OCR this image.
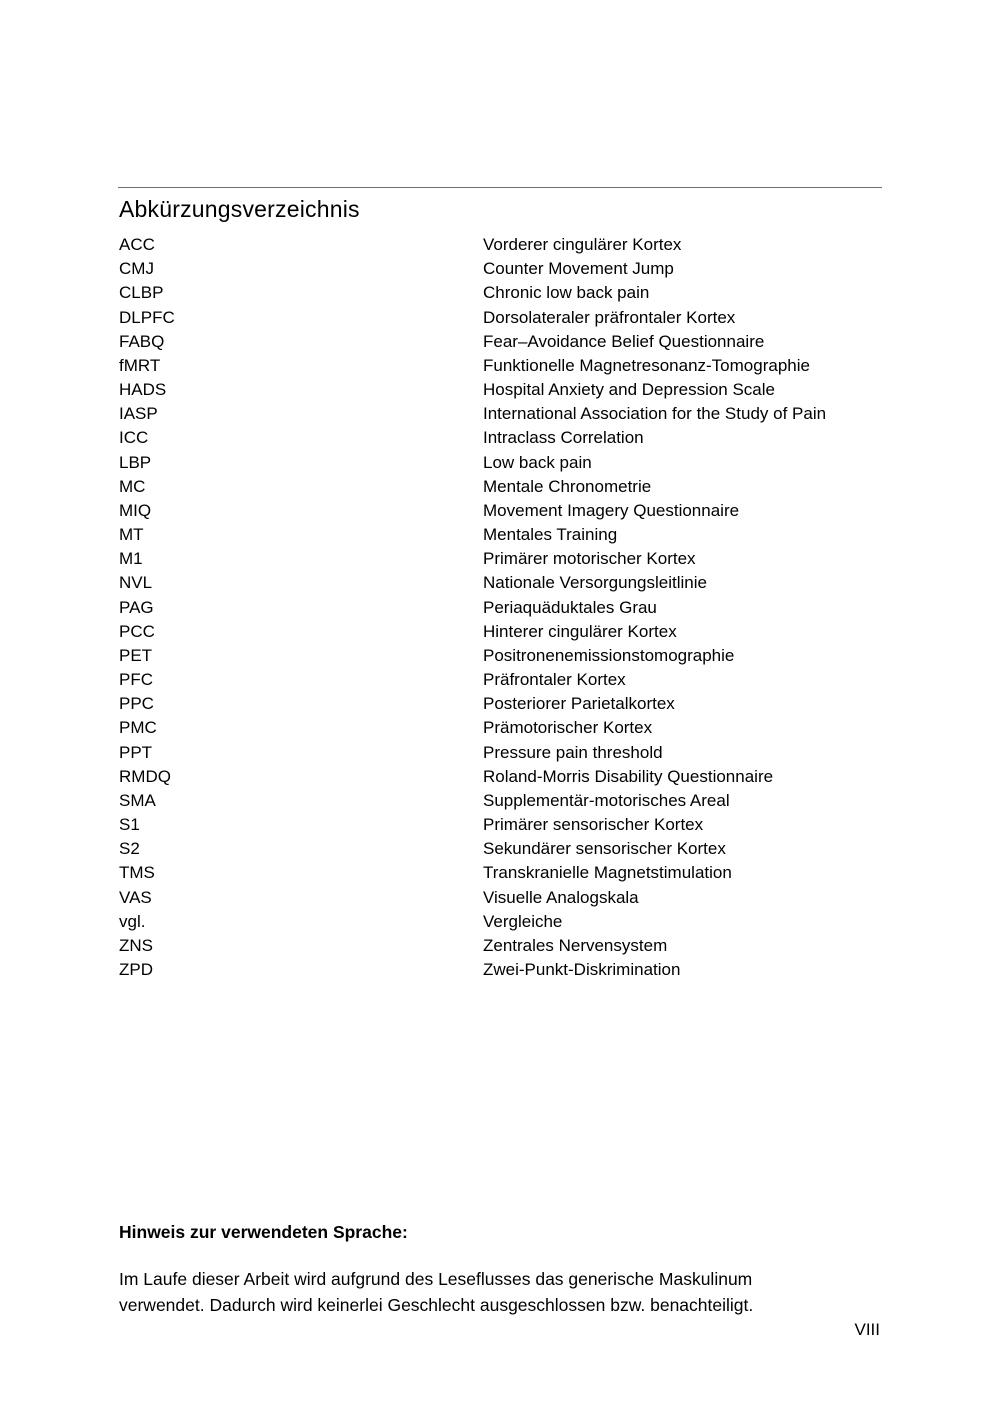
Abkürzungsverzeichnis
ACC	Vorderer cingulärer Kortex
CMJ	Counter Movement Jump
CLBP	Chronic low back pain
DLPFC	Dorsolateraler präfrontaler Kortex
FABQ	Fear–Avoidance Belief Questionnaire
fMRT	Funktionelle Magnetresonanz-Tomographie
HADS	Hospital Anxiety and Depression Scale
IASP	International Association for the Study of Pain
ICC	Intraclass Correlation
LBP	Low back pain
MC	Mentale Chronometrie
MIQ	Movement Imagery Questionnaire
MT	Mentales Training
M1	Primärer motorischer Kortex
NVL	Nationale Versorgungsleitlinie
PAG	Periaquäduktales Grau
PCC	Hinterer cingulärer Kortex
PET	Positronenemissionstomographie
PFC	Präfrontaler Kortex
PPC	Posteriorer Parietalkortex
PMC	Prämotorischer Kortex
PPT	Pressure pain threshold
RMDQ	Roland-Morris Disability Questionnaire
SMA	Supplementär-motorisches Areal
S1	Primärer sensorischer Kortex
S2	Sekundärer sensorischer Kortex
TMS	Transkranielle Magnetstimulation
VAS	Visuelle Analogskala
vgl.	Vergleiche
ZNS	Zentrales Nervensystem
ZPD	Zwei-Punkt-Diskrimination
Hinweis zur verwendeten Sprache:
Im Laufe dieser Arbeit wird aufgrund des Leseflusses das generische Maskulinum
verwendet. Dadurch wird keinerlei Geschlecht ausgeschlossen bzw. benachteiligt.
VIII
